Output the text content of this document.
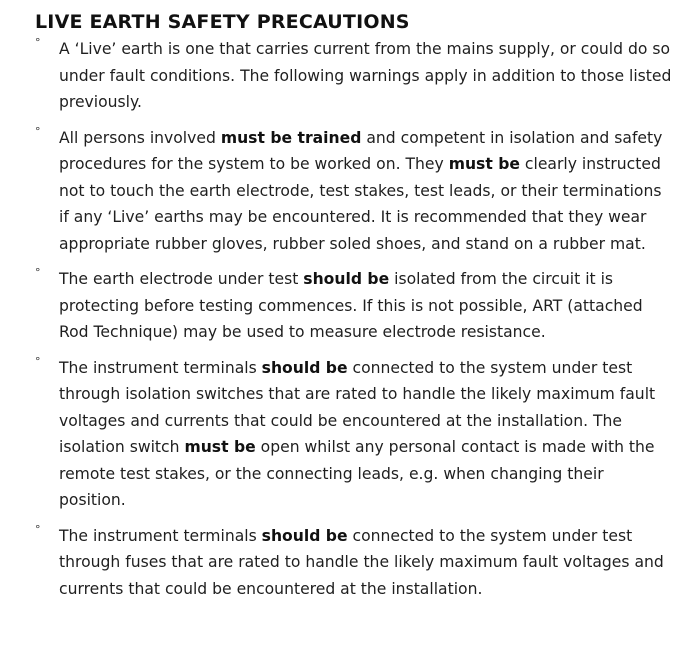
LIVE EARTH SAFETY PRECAUTIONS
° A ‘Live’ earth is one that carries current from the mains supply, or could do so under fault conditions. The following warnings apply in addition to those listed previously.
° All persons involved must be trained and competent in isolation and safety procedures for the system to be worked on. They must be clearly instructed not to touch the earth electrode, test stakes, test leads, or their terminations if any ‘Live’ earths may be encountered. It is recommended that they wear appropriate rubber gloves, rubber soled shoes, and stand on a rubber mat.
° The earth electrode under test should be isolated from the circuit it is protecting before testing commences. If this is not possible, ART (attached Rod Technique) may be used to measure electrode resistance.
° The instrument terminals should be connected to the system under test through isolation switches that are rated to handle the likely maximum fault voltages and currents that could be encountered at the installation. The isolation switch must be open whilst any personal contact is made with the remote test stakes, or the connecting leads, e.g. when changing their position.
° The instrument terminals should be connected to the system under test through fuses that are rated to handle the likely maximum fault voltages and currents that could be encountered at the installation.
